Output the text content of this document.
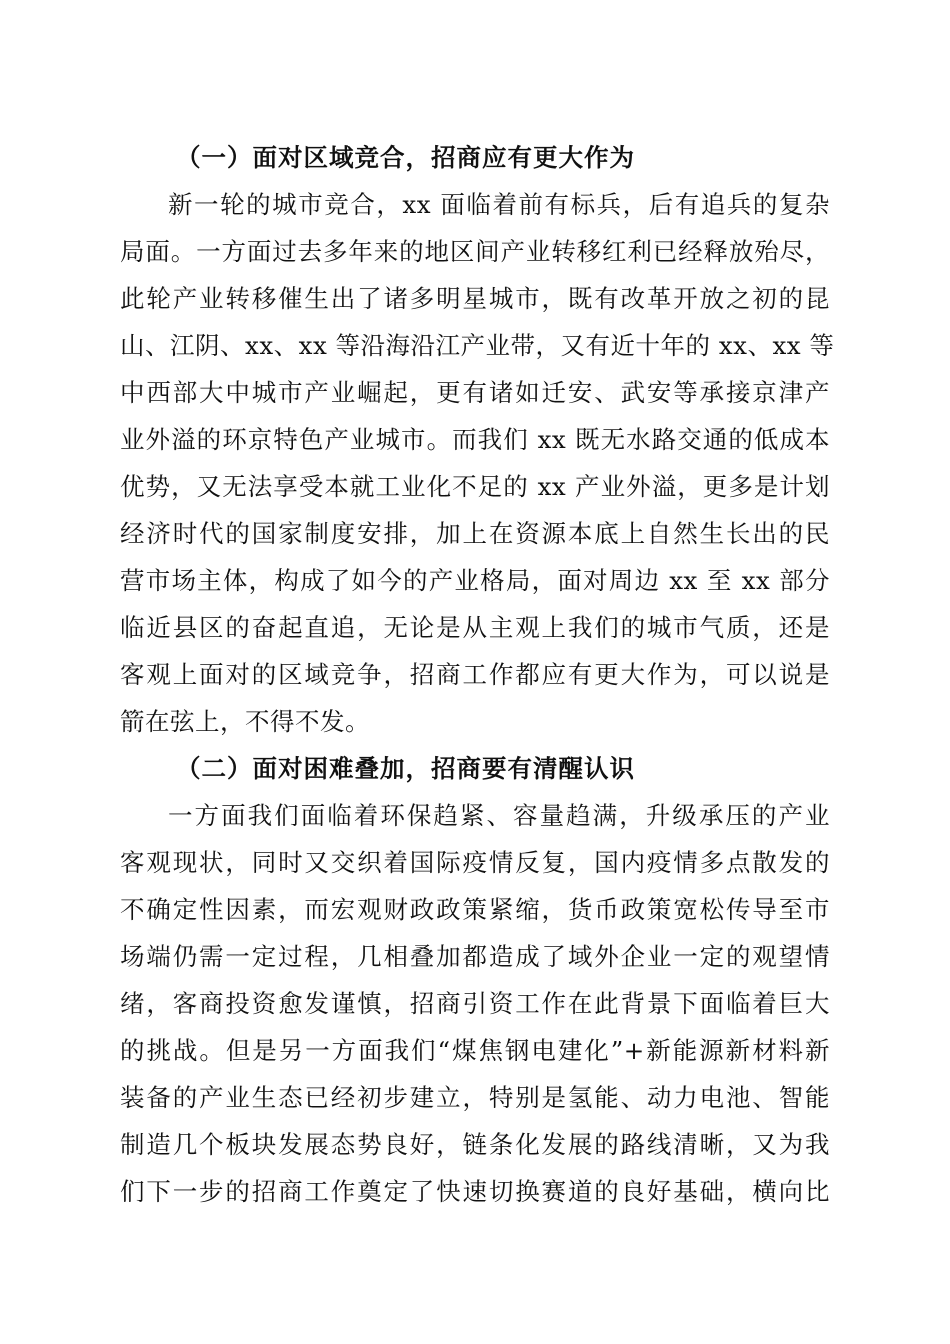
（一）面对区域竞合，招商应有更大作为
新一轮的城市竞合，xx 面临着前有标兵，后有追兵的复杂
局面。一方面过去多年来的地区间产业转移红利已经释放殆尽，
此轮产业转移催生出了诸多明星城市，既有改革开放之初的昆
山、江阴、xx、xx 等沿海沿江产业带，又有近十年的 xx、xx 等
中西部大中城市产业崛起，更有诸如迁安、武安等承接京津产
业外溢的环京特色产业城市。而我们 xx 既无水路交通的低成本
优势，又无法享受本就工业化不足的 xx 产业外溢，更多是计划
经济时代的国家制度安排，加上在资源本底上自然生长出的民
营市场主体，构成了如今的产业格局，面对周边 xx 至 xx 部分
临近县区的奋起直追，无论是从主观上我们的城市气质，还是
客观上面对的区域竞争，招商工作都应有更大作为，可以说是
箭在弦上，不得不发。
（二）面对困难叠加，招商要有清醒认识
一方面我们面临着环保趋紧、容量趋满，升级承压的产业
客观现状，同时又交织着国际疫情反复，国内疫情多点散发的
不确定性因素，而宏观财政政策紧缩，货币政策宽松传导至市
场端仍需一定过程，几相叠加都造成了域外企业一定的观望情
绪，客商投资愈发谨慎，招商引资工作在此背景下面临着巨大
的挑战。但是另一方面我们“煤焦钢电建化”+新能源新材料新
装备的产业生态已经初步建立，特别是氢能、动力电池、智能
制造几个板块发展态势良好，链条化发展的路线清晰，又为我
们下一步的招商工作奠定了快速切换赛道的良好基础，横向比
